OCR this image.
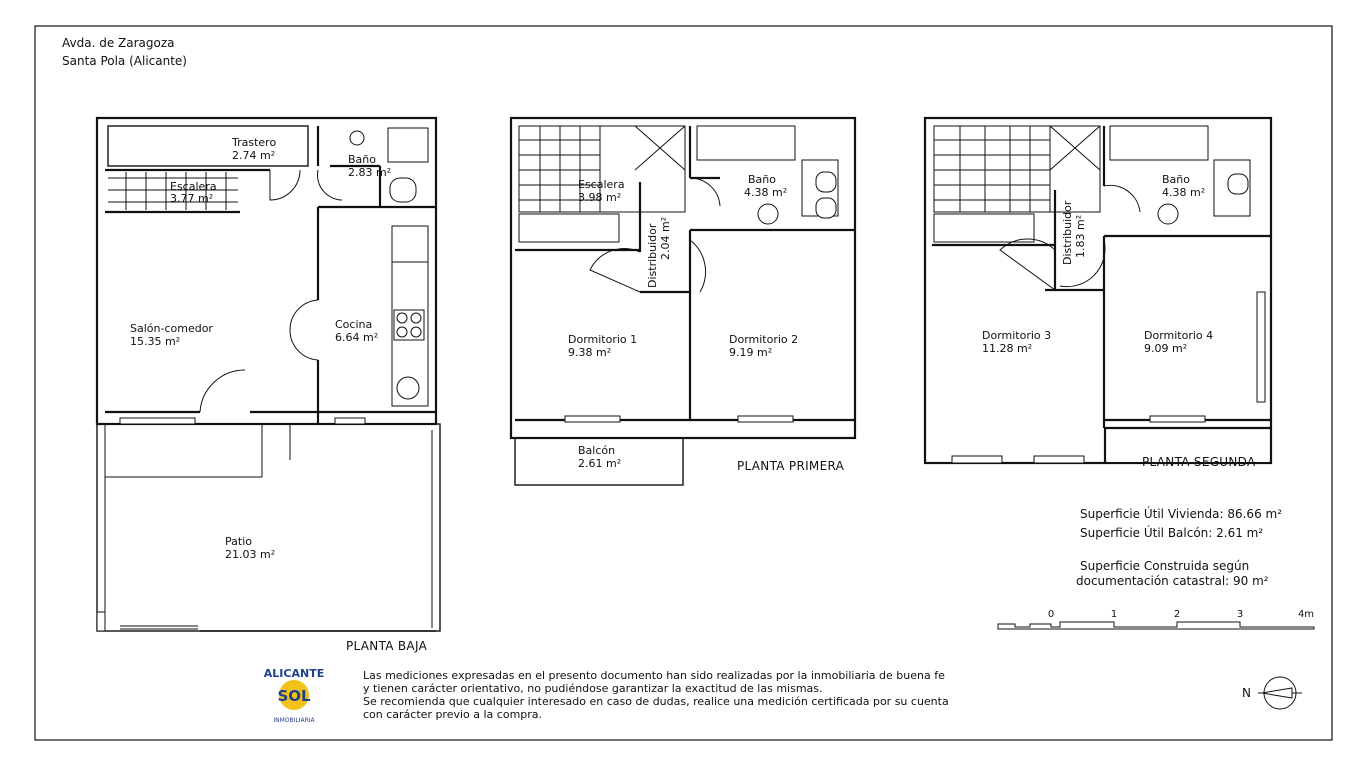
Avda. de Zaragoza
Santa Pola (Alicante)
Trastero
2.74 m²	Baño
2.83 m²
Escalera
3.77 m²
Salón-comedor
15.35 m²
Cocina
6.64 m²
Patio
21.03 m²
PLANTA BAJA
Escalera
3.98 m²
Distribuidor 2.04 m²
Baño
4.38 m²
Dormitorio 1
9.38 m²
Dormitorio 2
9.19 m²
Balcón
2.61 m²	PLANTA PRIMERA
Distribuidor 1.83 m²
Baño
4.38 m²
Dormitorio 3
11.28 m²
Dormitorio 4
9.09 m²
PLANTA SEGUNDA
Superficie Útil Vivienda: 86.66 m²
Superficie Útil Balcón: 2.61 m²
Superficie Construida según
documentación catastral: 90 m²
0	1	2	3	4m
N
ALICANTE
SOL
INMOBILIARIA
Las mediciones expresadas en el presento documento han sido realizadas por la inmobiliaria de buena fe
y tienen carácter orientativo, no pudiéndose garantizar la exactitud de las mismas.
Se recomienda que cualquier interesado en caso de dudas, realice una medición certificada por su cuenta
con carácter previo a la compra.
